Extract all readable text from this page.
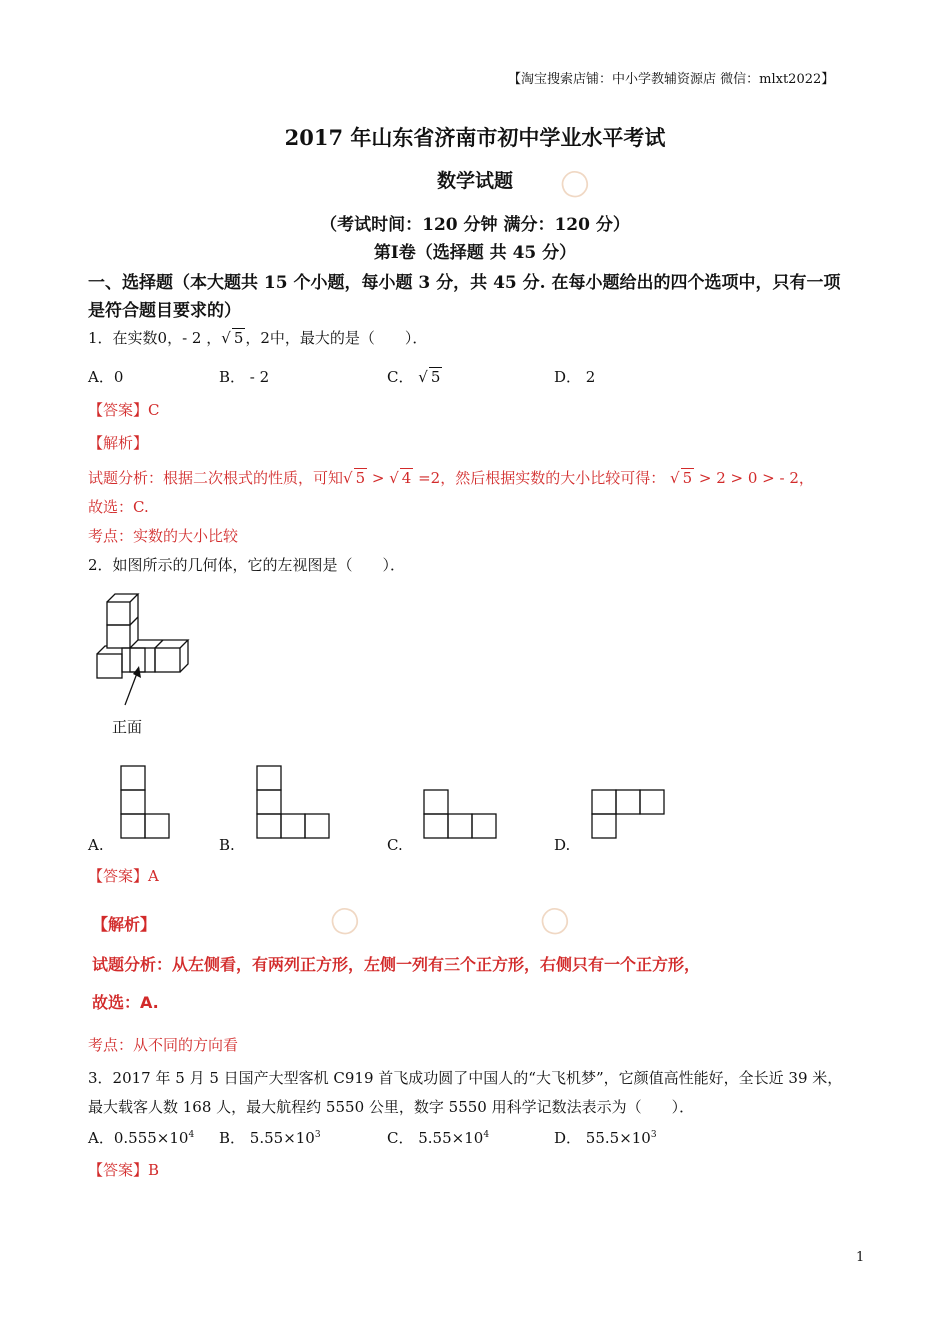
◯
◯
◯
【淘宝搜索店铺：中小学教辅资源店 微信：mlxt2022】
2017 年山东省济南市初中学业水平考试
数学试题
（考试时间：120 分钟 满分：120 分）
第Ⅰ卷（选择题 共 45 分）
一、选择题（本大题共 15 个小题，每小题 3 分，共 45 分. 在每小题给出的四个选项中，只有一项
是符合题目要求的）
1．在实数0，- 2 ，√ 5 ，2中，最大的是（　　）．
A．0	B． - 2	C． √ 5	D． 2
【答案】C
【解析】
试题分析：根据二次根式的性质，可知√ 5 > √ 4 =2，然后根据实数的大小比较可得： √ 5 > 2 > 0 > - 2，
故选：C.
考点：实数的大小比较
2．如图所示的几何体，它的左视图是（　　）．
正面
A.	B.	C.	D.
【答案】A
【解析】
试题分析：从左侧看，有两列正方形，左侧一列有三个正方形，右侧只有一个正方形，
故选：A.
考点：从不同的方向看
3．2017 年 5 月 5 日国产大型客机 C919 首飞成功圆了中国人的“大飞机梦”，它颜值高性能好，全长近 39 米，
最大载客人数 168 人，最大航程约 5550 公里，数字 5550 用科学记数法表示为（　　）．
A．$0.555\times 10^4$ B． $5.55\times 10^3$	C． $5.55\times 10^4$	D． $55.5\times 10^3$
【答案】B
1
